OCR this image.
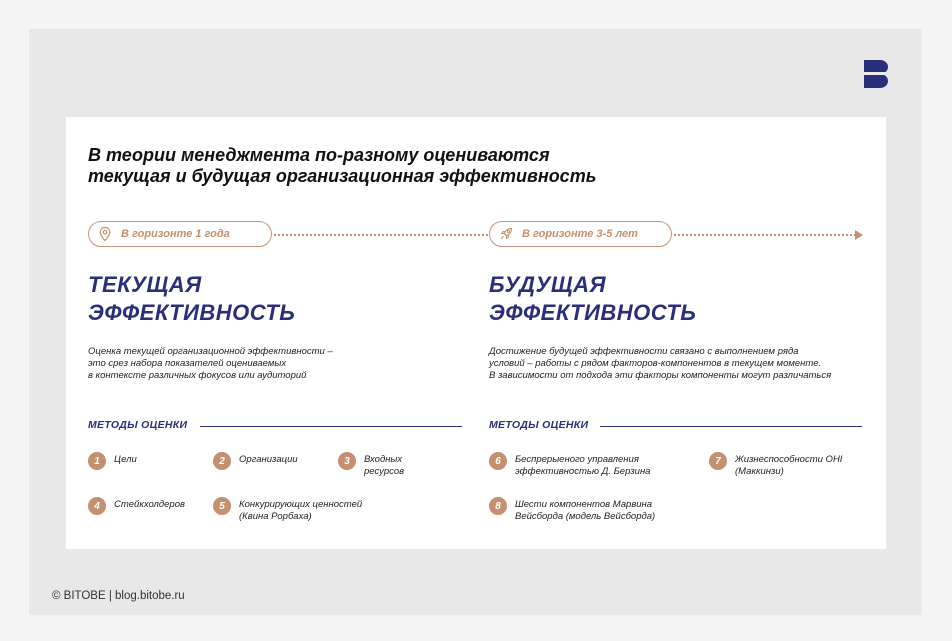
В теории менеджмента по-разному оцениваются
текущая и будущая организационная эффективность
В горизонте 1 года	В горизонте 3-5 лет
ТЕКУЩАЯ
ЭФФЕКТИВНОСТЬ
Оценка текущей организационной эффективности –
это срез набора показателей оцениваемых
в контексте различных фокусов или аудиторий
МЕТОДЫ ОЦЕНКИ
1	Цели	2	Организации	3	Входных
ресурсов
4	Стейкхолдеров	5	Конкурирующих ценностей
(Квина Рорбаха)
БУДУЩАЯ
ЭФФЕКТИВНОСТЬ
Достижение будущей эффективности связано с выполнением ряда
условий – работы с рядом факторов-компонентов в текущем моменте.
В зависимости от подхода эти факторы компоненты могут различаться
МЕТОДЫ ОЦЕНКИ
6	Беспрерыеного управления
эффективностью Д. Берзина
7	Жизнеспособности OHI
(Маккинзи)
8	Шести компонентов Марвина
Вейсборда (модель Вейсборда)
© BITOBE | blog.bitobe.ru
